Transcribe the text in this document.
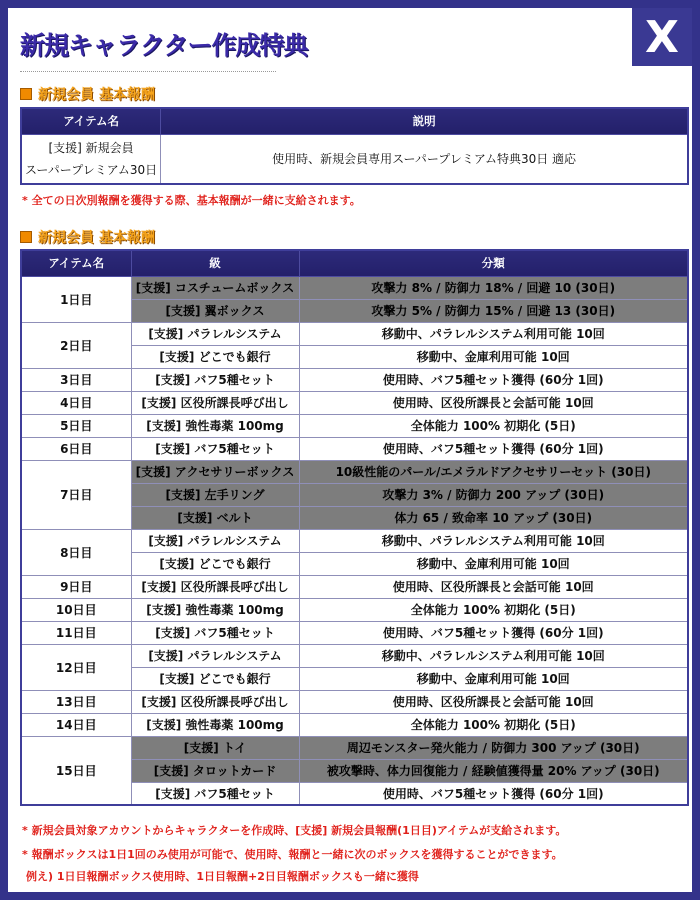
X
新規キャラクター作成特典
新規会員 基本報酬
アイテム名	説明

[支援] 新規会員
スーパープレミアム30日	使用時、新規会員専用スーパープレミアム特典30日 適応
* 全ての日次別報酬を獲得する際、基本報酬が一緒に支給されます。
新規会員 基本報酬
アイテム名	級	分類
1日目	[支援] コスチュームボックス	攻撃力 8% / 防御力 18% / 回避 10 (30日)
	[支援] 翼ボックス	攻撃力 5% / 防御力 15% / 回避 13 (30日)
2日目	[支援] パラレルシステム	移動中、パラレルシステム利用可能 10回
	[支援] どこでも銀行	移動中、金庫利用可能 10回
3日目	[支援] バフ5種セット	使用時、バフ5種セット獲得 (60分 1回)
4日目	[支援] 区役所課長呼び出し	使用時、区役所課長と会話可能 10回
5日目	[支援] 強性毒薬 100mg	全体能力 100% 初期化 (5日)
6日目	[支援] バフ5種セット	使用時、バフ5種セット獲得 (60分 1回)
7日目	[支援] アクセサリーボックス	10級性能のパール/エメラルドアクセサリーセット (30日)
	[支援] 左手リング	攻撃力 3% / 防御力 200 アップ (30日)
	[支援] ベルト	体力 65 / 致命率 10 アップ (30日)
8日目	[支援] パラレルシステム	移動中、パラレルシステム利用可能 10回
	[支援] どこでも銀行	移動中、金庫利用可能 10回
9日目	[支援] 区役所課長呼び出し	使用時、区役所課長と会話可能 10回
10日目	[支援] 強性毒薬 100mg	全体能力 100% 初期化 (5日)
11日目	[支援] バフ5種セット	使用時、バフ5種セット獲得 (60分 1回)
12日目	[支援] パラレルシステム	移動中、パラレルシステム利用可能 10回
	[支援] どこでも銀行	移動中、金庫利用可能 10回
13日目	[支援] 区役所課長呼び出し	使用時、区役所課長と会話可能 10回
14日目	[支援] 強性毒薬 100mg	全体能力 100% 初期化 (5日)
15日目	[支援] トイ	周辺モンスター発火能力 / 防御力 300 アップ (30日)
	[支援] タロットカード	被攻撃時、体力回復能力 / 経験値獲得量 20% アップ (30日)
	[支援] バフ5種セット	使用時、バフ5種セット獲得 (60分 1回)
* 新規会員対象アカウントからキャラクターを作成時、[支援] 新規会員報酬(1日目)アイテムが支給されます。
* 報酬ボックスは1日1回のみ使用が可能で、使用時、報酬と一緒に次のボックスを獲得することができます。
例え) 1日目報酬ボックス使用時、1日目報酬+2日目報酬ボックスも一緒に獲得
